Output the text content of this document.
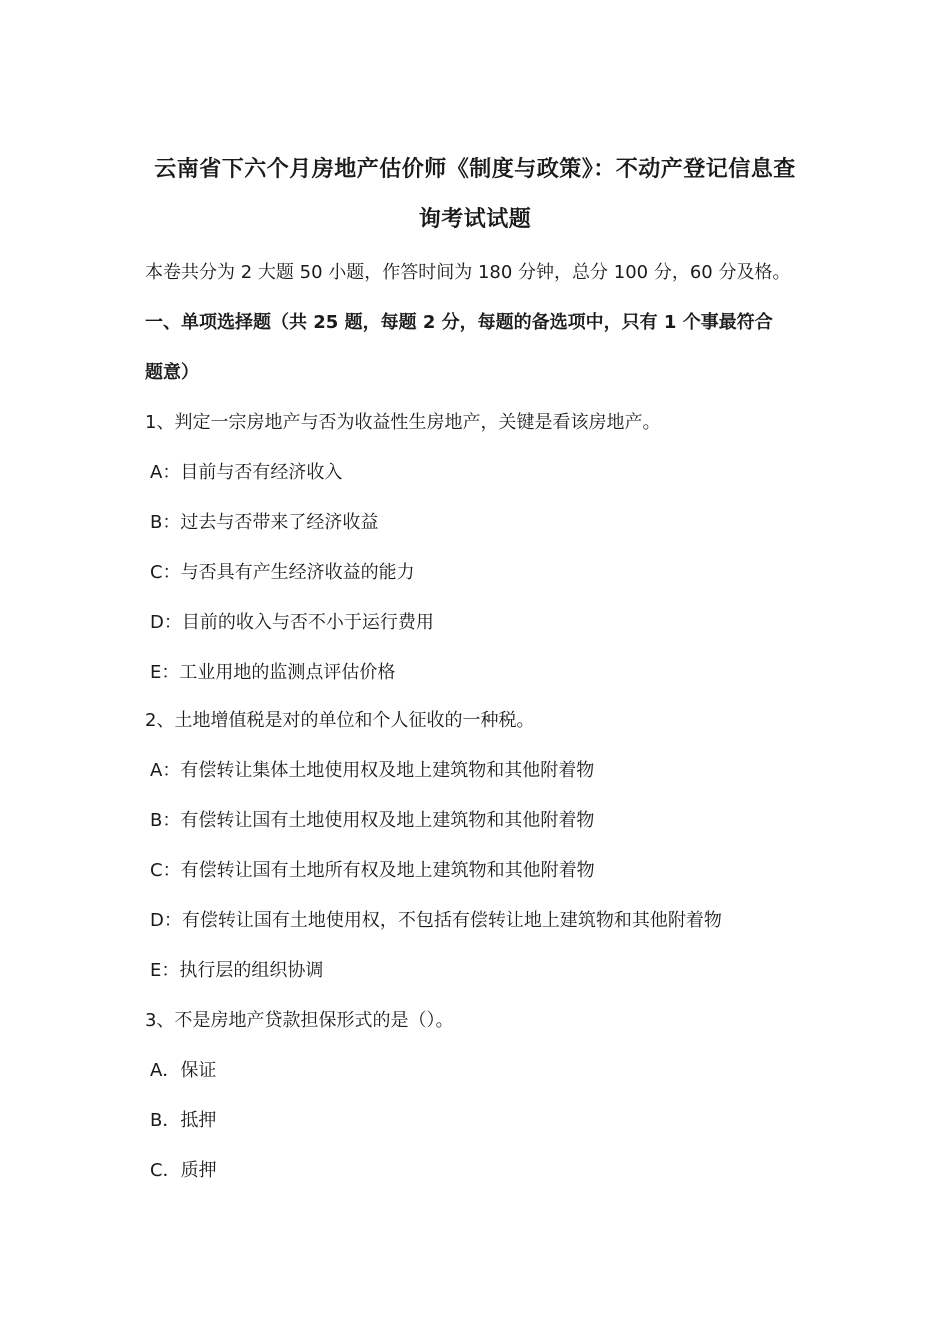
云南省下六个月房地产估价师《制度与政策》：不动产登记信息查
询考试试题
本卷共分为 2 大题 50 小题，作答时间为 180 分钟，总分 100 分，60 分及格。
一、单项选择题（共 25 题，每题 2 分，每题的备选项中，只有 1 个事最符合
题意）
1、判定一宗房地产与否为收益性生房地产，关键是看该房地产。
A：目前与否有经济收入
B：过去与否带来了经济收益
C：与否具有产生经济收益的能力
D：目前的收入与否不小于运行费用
E：工业用地的监测点评估价格
2、土地增值税是对的单位和个人征收的一种税。
A：有偿转让集体土地使用权及地上建筑物和其他附着物
B：有偿转让国有土地使用权及地上建筑物和其他附着物
C：有偿转让国有土地所有权及地上建筑物和其他附着物
D：有偿转让国有土地使用权，不包括有偿转让地上建筑物和其他附着物
E：执行层的组织协调
3、不是房地产贷款担保形式的是（）。
A．保证
B．抵押
C．质押
